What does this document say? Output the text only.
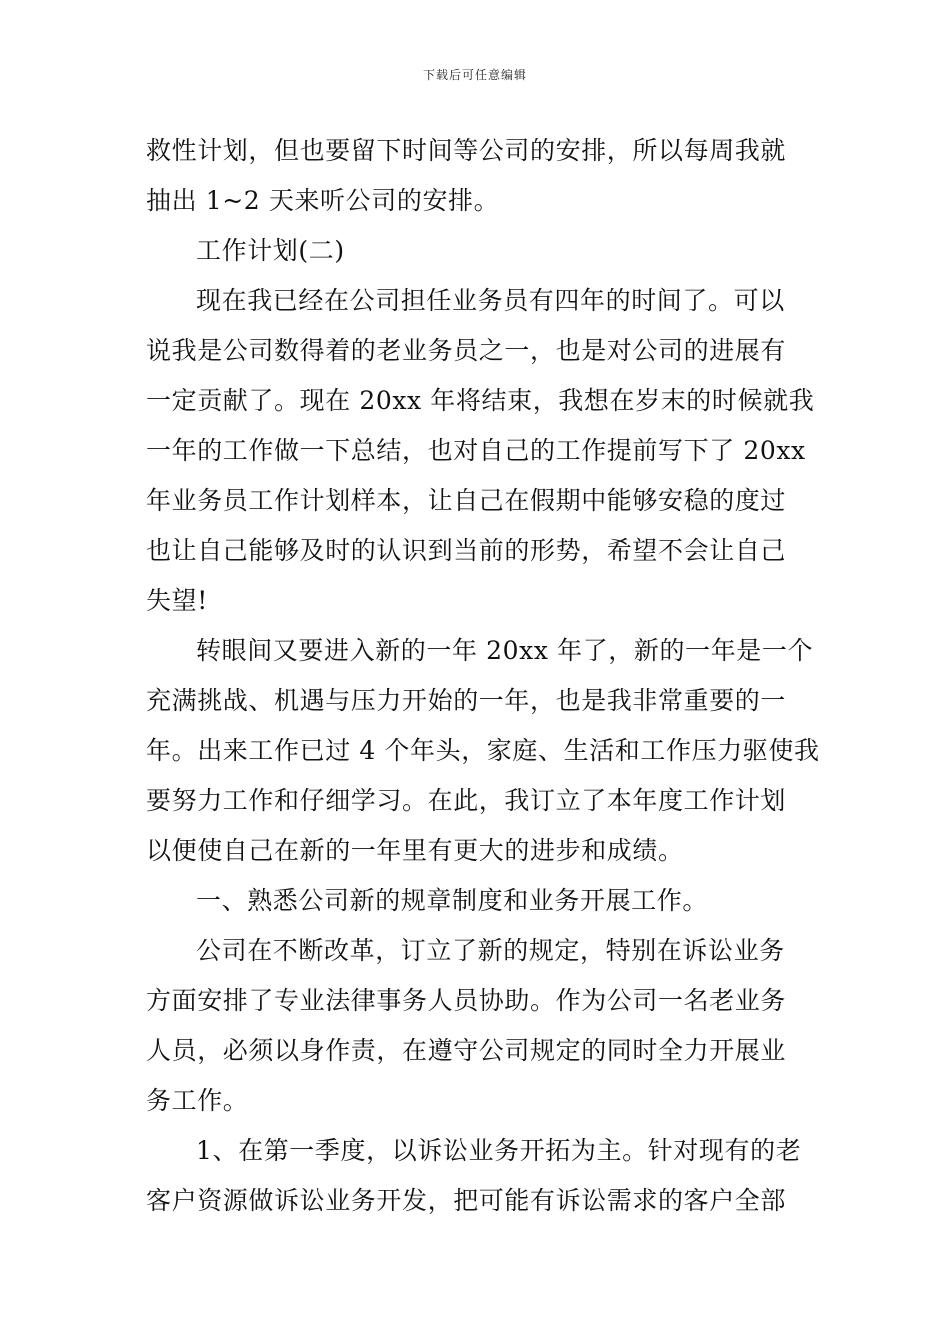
下载后可任意编辑
救性计划，但也要留下时间等公司的安排，所以每周我就
抽出 1~2 天来听公司的安排。
工作计划(二)
现在我已经在公司担任业务员有四年的时间了。可以
说我是公司数得着的老业务员之一，也是对公司的进展有
一定贡献了。现在 20xx 年将结束，我想在岁末的时候就我
一年的工作做一下总结，也对自己的工作提前写下了 20xx
年业务员工作计划样本，让自己在假期中能够安稳的度过
也让自己能够及时的认识到当前的形势，希望不会让自己
失望!
转眼间又要进入新的一年 20xx 年了，新的一年是一个
充满挑战、机遇与压力开始的一年，也是我非常重要的一
年。出来工作已过 4 个年头，家庭、生活和工作压力驱使我
要努力工作和仔细学习。在此，我订立了本年度工作计划
以便使自己在新的一年里有更大的进步和成绩。
一、熟悉公司新的规章制度和业务开展工作。
公司在不断改革，订立了新的规定，特别在诉讼业务
方面安排了专业法律事务人员协助。作为公司一名老业务
人员，必须以身作责，在遵守公司规定的同时全力开展业
务工作。
1、在第一季度，以诉讼业务开拓为主。针对现有的老
客户资源做诉讼业务开发，把可能有诉讼需求的客户全部
